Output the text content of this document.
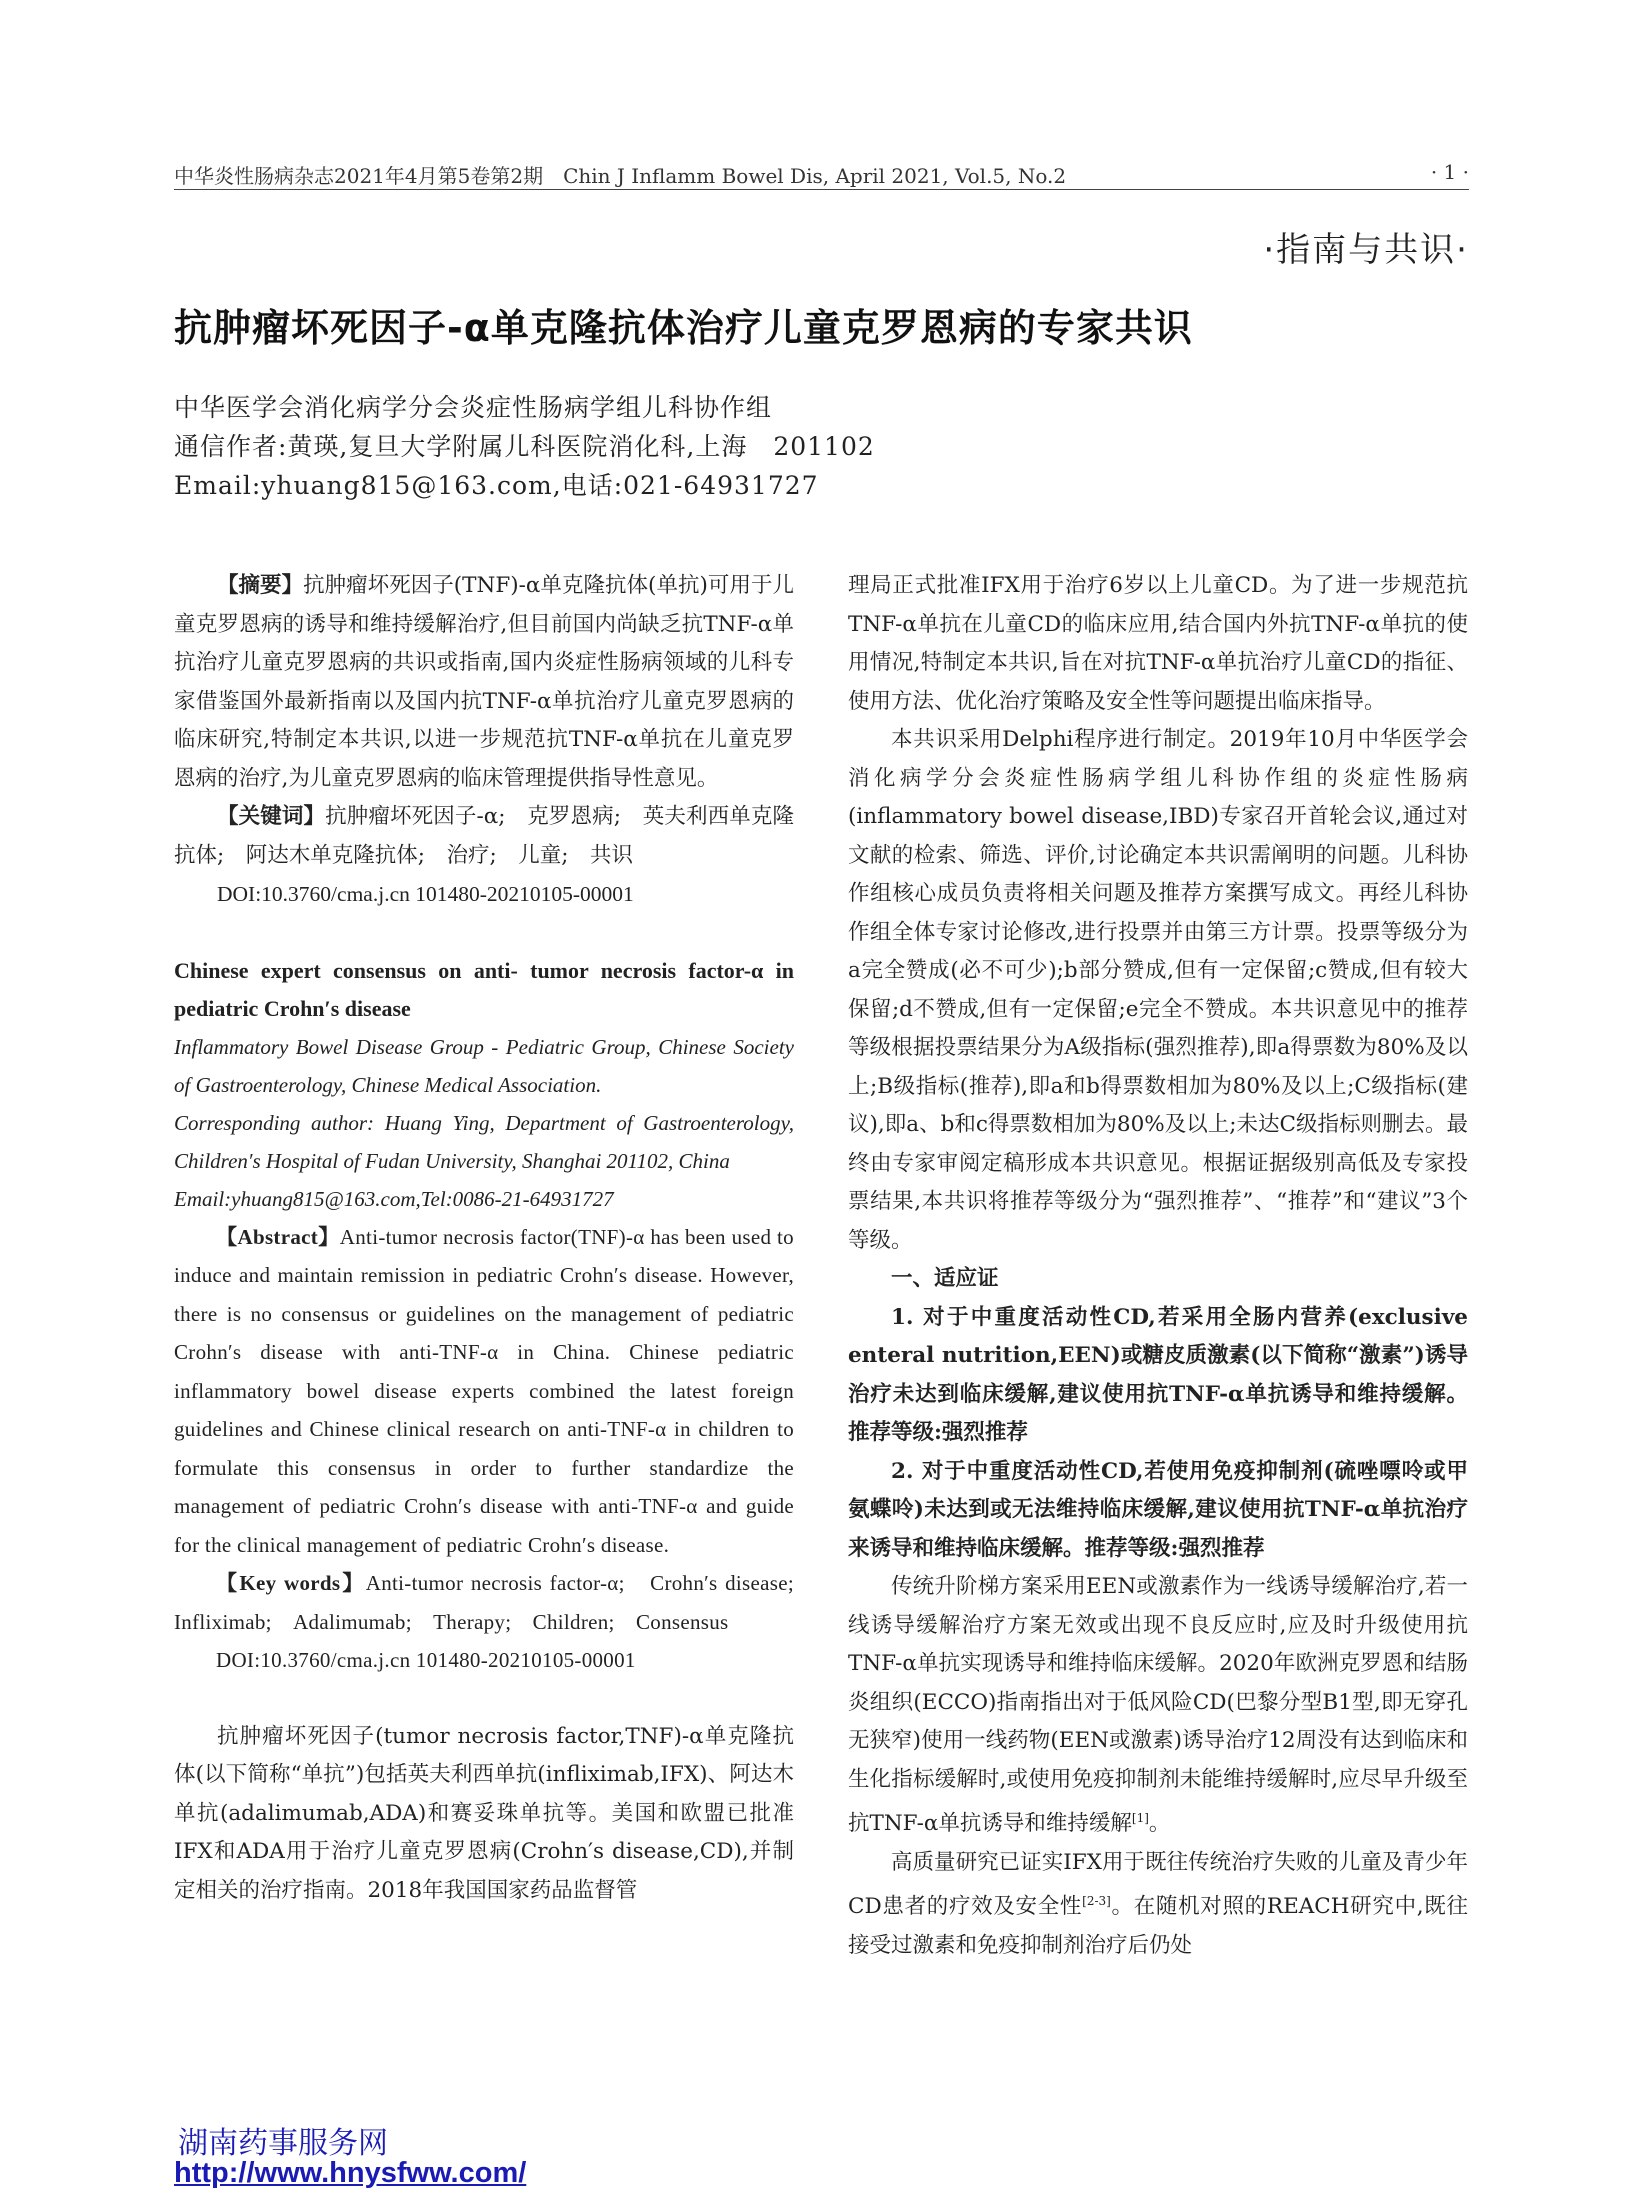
中华炎性肠病杂志2021年4月第5卷第2期　Chin J Inflamm Bowel Dis, April 2021, Vol.5, No.2	· 1 ·
·指南与共识·
抗肿瘤坏死因子-α单克隆抗体治疗儿童克罗恩病的专家共识
中华医学会消化病学分会炎症性肠病学组儿科协作组
通信作者:黄瑛,复旦大学附属儿科医院消化科,上海　201102
Email:yhuang815@163.com,电话:021-64931727

【摘要】抗肿瘤坏死因子(TNF)-α单克隆抗体(单抗)可用于儿童克罗恩病的诱导和维持缓解治疗,但目前国内尚缺乏抗TNF-α单抗治疗儿童克罗恩病的共识或指南,国内炎症性肠病领域的儿科专家借鉴国外最新指南以及国内抗TNF-α单抗治疗儿童克罗恩病的临床研究,特制定本共识,以进一步规范抗TNF-α单抗在儿童克罗恩病的治疗,为儿童克罗恩病的临床管理提供指导性意见。

【关键词】抗肿瘤坏死因子-α;　克罗恩病;　英夫利西单克隆抗体;　阿达木单克隆抗体;　治疗;　儿童;　共识

DOI:10.3760/cma.j.cn 101480-20210105-00001

Chinese expert consensus on anti- tumor necrosis factor-α in pediatric Crohn′s disease

Inflammatory Bowel Disease Group - Pediatric Group, Chinese Society of Gastroenterology, Chinese Medical Association.

Corresponding author: Huang Ying, Department of Gastroenterology, Children′s Hospital of Fudan University, Shanghai 201102, China

Email:yhuang815@163.com,Tel:0086-21-64931727

【Abstract】Anti-tumor necrosis factor(TNF)-α has been used to induce and maintain remission in pediatric Crohn′s disease. However, there is no consensus or guidelines on the management of pediatric Crohn′s disease with anti-TNF-α in China. Chinese pediatric inflammatory bowel disease experts combined the latest foreign guidelines and Chinese clinical research on anti-TNF-α in children to formulate this consensus in order to further standardize the management of pediatric Crohn′s disease with anti-TNF-α and guide for the clinical management of pediatric Crohn′s disease.

【Key words】Anti-tumor necrosis factor-α;　Crohn′s disease;　Infliximab;　Adalimumab;　Therapy;　Children;　Consensus

DOI:10.3760/cma.j.cn 101480-20210105-00001

抗肿瘤坏死因子(tumor necrosis factor,TNF)-α单克隆抗体(以下简称“单抗”)包括英夫利西单抗(infliximab,IFX)、阿达木单抗(adalimumab,ADA)和赛妥珠单抗等。美国和欧盟已批准IFX和ADA用于治疗儿童克罗恩病(Crohn′s disease,CD),并制定相关的治疗指南。2018年我国国家药品监督管

理局正式批准IFX用于治疗6岁以上儿童CD。为了进一步规范抗TNF-α单抗在儿童CD的临床应用,结合国内外抗TNF-α单抗的使用情况,特制定本共识,旨在对抗TNF-α单抗治疗儿童CD的指征、使用方法、优化治疗策略及安全性等问题提出临床指导。

本共识采用Delphi程序进行制定。2019年10月中华医学会消化病学分会炎症性肠病学组儿科协作组的炎症性肠病(inflammatory bowel disease,IBD)专家召开首轮会议,通过对文献的检索、筛选、评价,讨论确定本共识需阐明的问题。儿科协作组核心成员负责将相关问题及推荐方案撰写成文。再经儿科协作组全体专家讨论修改,进行投票并由第三方计票。投票等级分为a完全赞成(必不可少);b部分赞成,但有一定保留;c赞成,但有较大保留;d不赞成,但有一定保留;e完全不赞成。本共识意见中的推荐等级根据投票结果分为A级指标(强烈推荐),即a得票数为80%及以上;B级指标(推荐),即a和b得票数相加为80%及以上;C级指标(建议),即a、b和c得票数相加为80%及以上;未达C级指标则删去。最终由专家审阅定稿形成本共识意见。根据证据级别高低及专家投票结果,本共识将推荐等级分为“强烈推荐”、“推荐”和“建议”3个等级。

一、适应证

1. 对于中重度活动性CD,若采用全肠内营养(exclusive enteral nutrition,EEN)或糖皮质激素(以下简称“激素”)诱导治疗未达到临床缓解,建议使用抗TNF-α单抗诱导和维持缓解。推荐等级:强烈推荐

2. 对于中重度活动性CD,若使用免疫抑制剂(硫唑嘌呤或甲氨蝶呤)未达到或无法维持临床缓解,建议使用抗TNF-α单抗治疗来诱导和维持临床缓解。推荐等级:强烈推荐

传统升阶梯方案采用EEN或激素作为一线诱导缓解治疗,若一线诱导缓解治疗方案无效或出现不良反应时,应及时升级使用抗TNF-α单抗实现诱导和维持临床缓解。2020年欧洲克罗恩和结肠炎组织(ECCO)指南指出对于低风险CD(巴黎分型B1型,即无穿孔无狭窄)使用一线药物(EEN或激素)诱导治疗12周没有达到临床和生化指标缓解时,或使用免疫抑制剂未能维持缓解时,应尽早升级至抗TNF-α单抗诱导和维持缓解[1]。

高质量研究已证实IFX用于既往传统治疗失败的儿童及青少年CD患者的疗效及安全性[2-3]。在随机对照的REACH研究中,既往接受过激素和免疫抑制剂治疗后仍处

湖南药事服务网
http://www.hnysfww.com/
